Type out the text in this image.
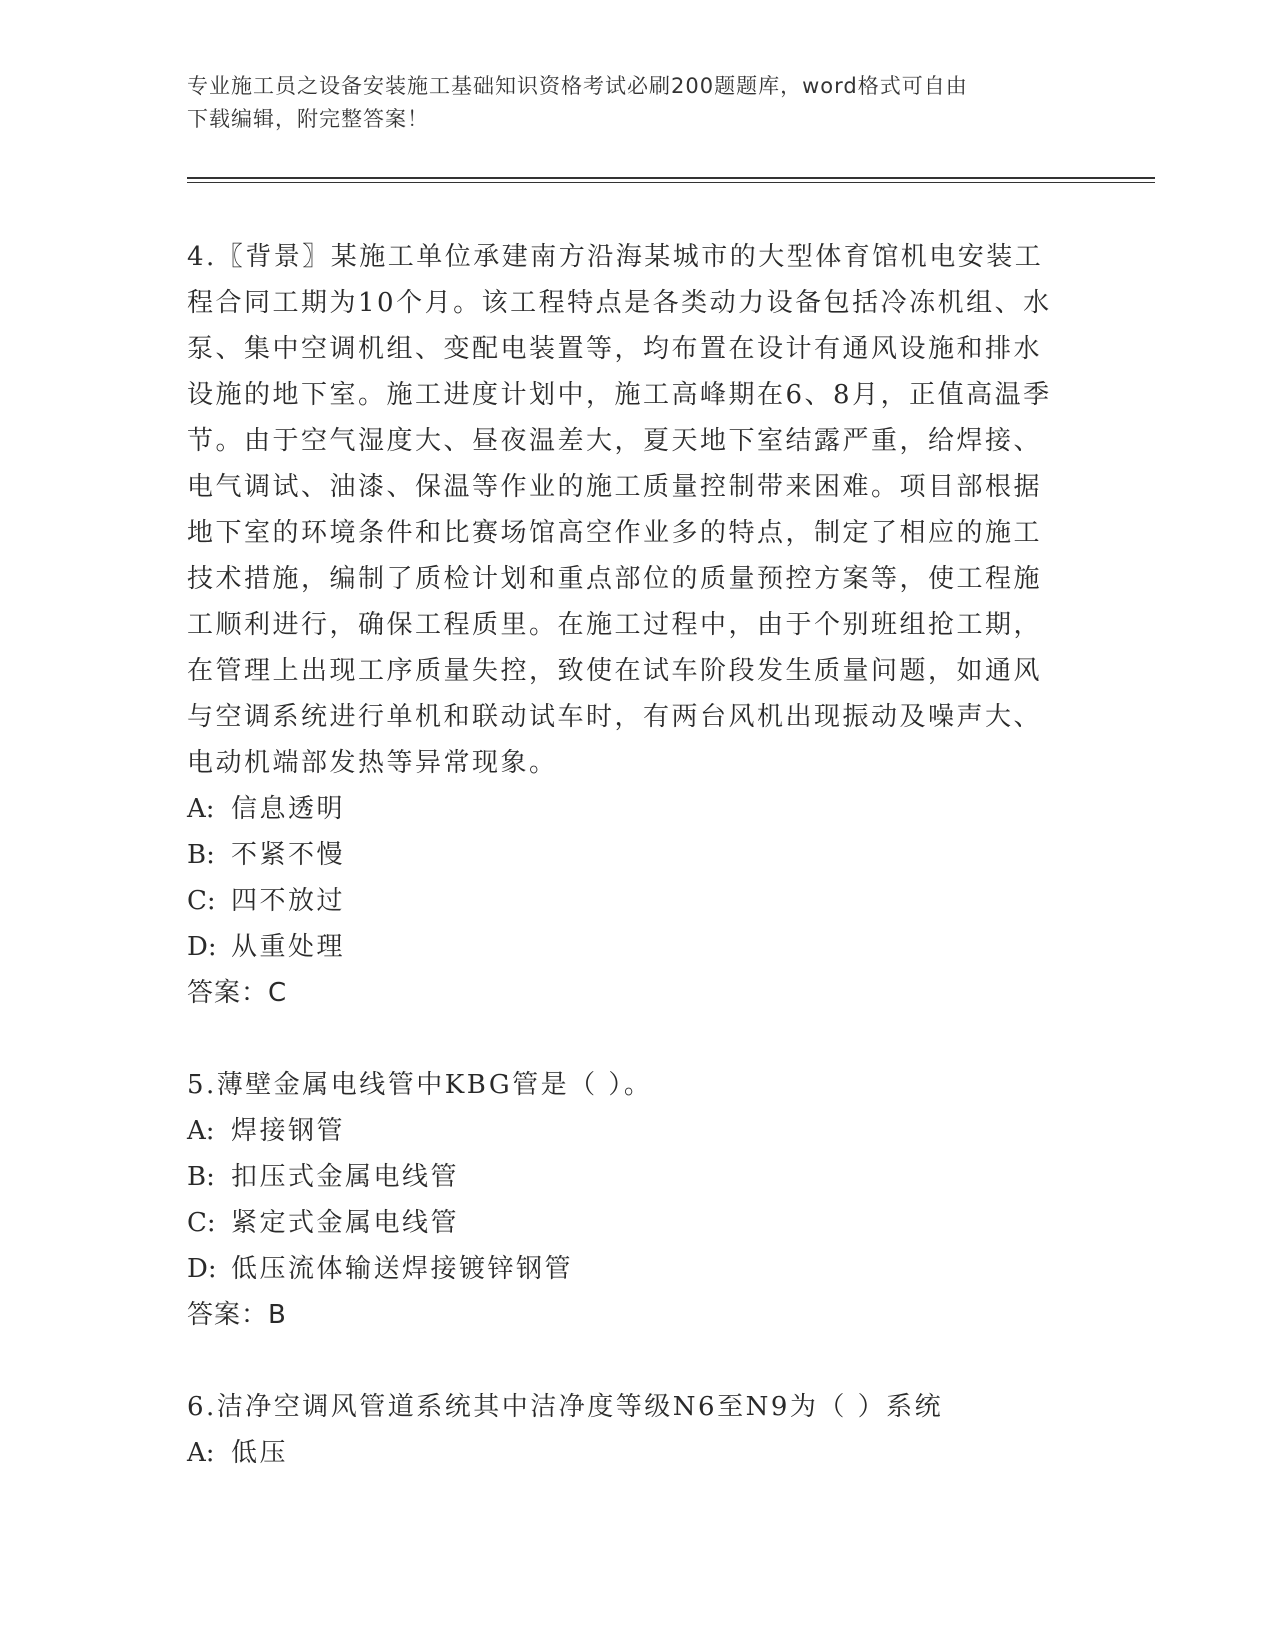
专业施工员之设备安装施工基础知识资格考试必刷200题题库，word格式可自由
下载编辑，附完整答案！

4.〖背景〗某施工单位承建南方沿海某城市的大型体育馆机电安装工程合同工期为10个月。该工程特点是各类动力设备包括冷冻机组、水泵、集中空调机组、变配电装置等，均布置在设计有通风设施和排水设施的地下室。施工进度计划中，施工高峰期在6、8月，正值高温季节。由于空气湿度大、昼夜温差大，夏天地下室结露严重，给焊接、电气调试、油漆、保温等作业的施工质量控制带来困难。项目部根据地下室的环境条件和比赛场馆高空作业多的特点，制定了相应的施工技术措施，编制了质检计划和重点部位的质量预控方案等，使工程施工顺利进行，确保工程质里。在施工过程中，由于个别班组抢工期，在管理上出现工序质量失控，致使在试车阶段发生质量问题，如通风与空调系统进行单机和联动试车时，有两台风机出现振动及噪声大、电动机端部发热等异常现象。

A: 信息透明
B: 不紧不慢
C: 四不放过
D: 从重处理
答案：C

5.薄壁金属电线管中KBG管是（ ）。

A: 焊接钢管
B: 扣压式金属电线管
C: 紧定式金属电线管
D: 低压流体输送焊接镀锌钢管
答案：B

6.洁净空调风管道系统其中洁净度等级N6至N9为（ ）系统

A: 低压
